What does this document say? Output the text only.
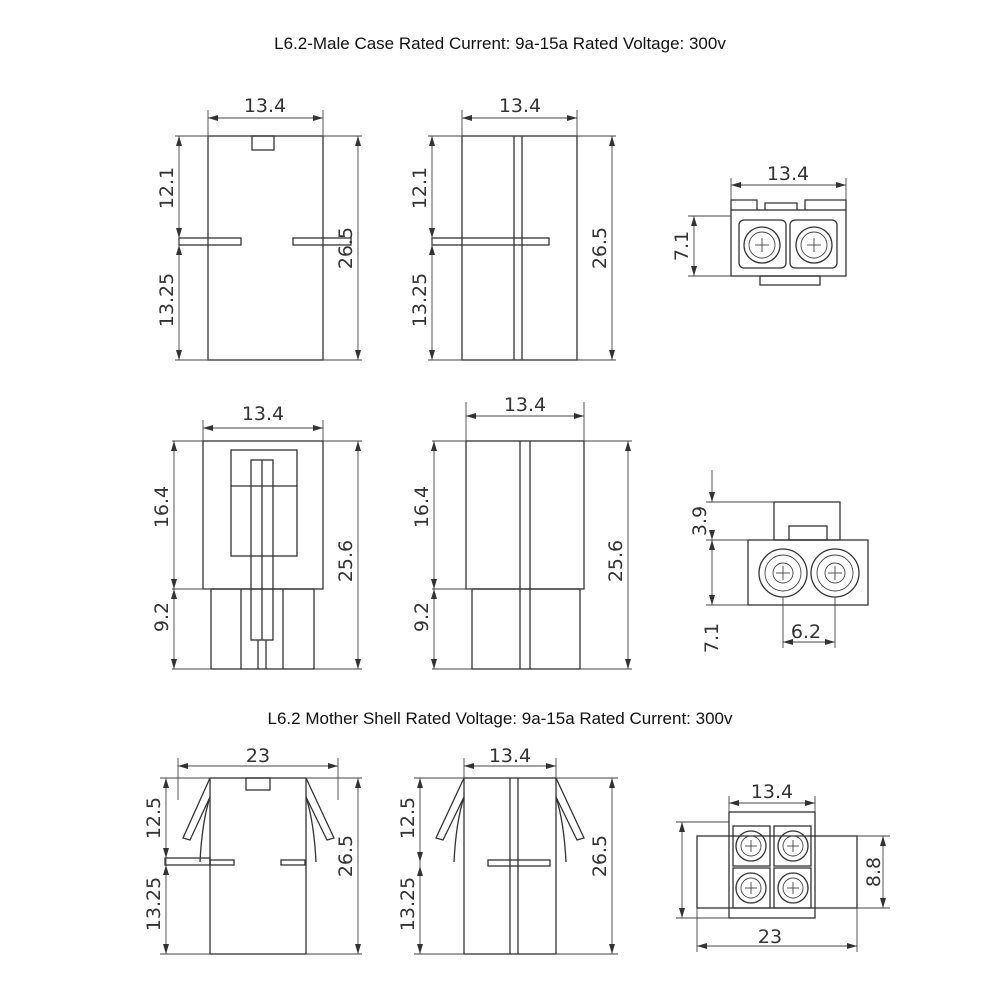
L6.2-Male Case Rated Current: 9a-15a Rated Voltage: 300v
L6.2 Mother Shell Rated Voltage: 9a-15a Rated Current: 300v
13.4
12.1
13.25
26.5
13.4
12.1
13.25
26.5
13.4
7.1
13.4
16.4
9.2
25.6
13.4
16.4
9.2
25.6
3.9
7.1	6.2
23
12.5
13.25
26.5
13.4
12.5
13.25
26.5
13.4
8.8
23
